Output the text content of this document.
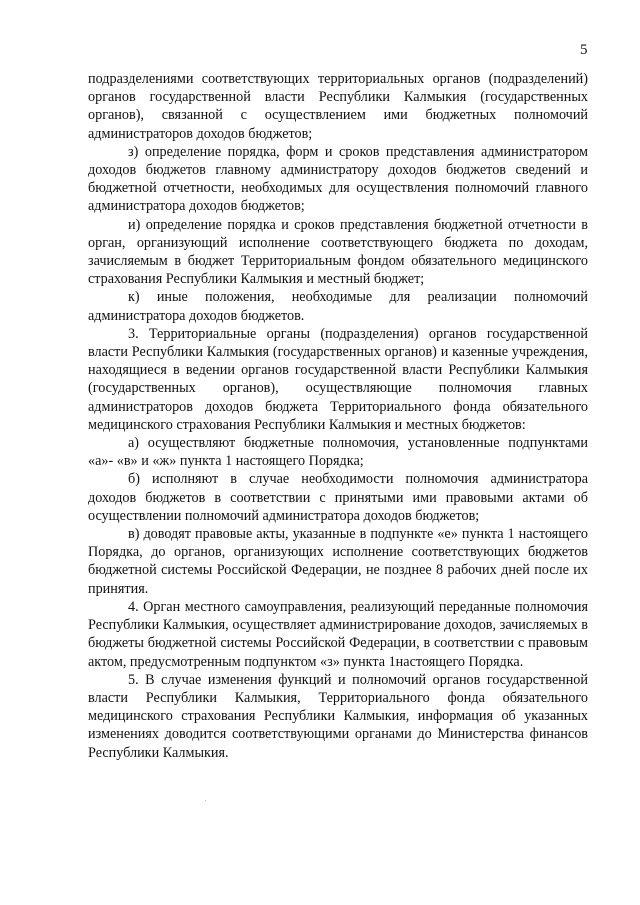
5

подразделениями соответствующих территориальных органов (подразделений) органов государственной власти Республики Калмыкия (государственных органов), связанной с осуществлением ими бюджетных полномочий администраторов доходов бюджетов;

з) определение порядка, форм и сроков представления администратором доходов бюджетов главному администратору доходов бюджетов сведений и бюджетной отчетности, необходимых для осуществления полномочий главного администратора доходов бюджетов;

и) определение порядка и сроков представления бюджетной отчетности в орган, организующий исполнение соответствующего бюджета по доходам, зачисляемым в бюджет Территориальным фондом обязательного медицинского страхования Республики Калмыкия и местный бюджет;

к) иные положения, необходимые для реализации полномочий администратора доходов бюджетов.

3. Территориальные органы (подразделения) органов государственной власти Республики Калмыкия (государственных органов) и казенные учреждения, находящиеся в ведении органов государственной власти Республики Калмыкия (государственных органов), осуществляющие полномочия главных администраторов доходов бюджета Территориального фонда обязательного медицинского страхования Республики Калмыкия и местных бюджетов:

а) осуществляют бюджетные полномочия, установленные подпунктами «а»- «в» и «ж» пункта 1 настоящего Порядка;

б) исполняют в случае необходимости полномочия администратора доходов бюджетов в соответствии с принятыми ими правовыми актами об осуществлении полномочий администратора доходов бюджетов;

в) доводят правовые акты, указанные в подпункте «е» пункта 1 настоящего Порядка, до органов, организующих исполнение соответствующих бюджетов бюджетной системы Российской Федерации, не позднее 8 рабочих дней после их принятия.

4. Орган местного самоуправления, реализующий переданные полномочия Республики Калмыкия, осуществляет администрирование доходов, зачисляемых в бюджеты бюджетной системы Российской Федерации, в соответствии с правовым актом, предусмотренным подпунктом «з» пункта 1настоящего Порядка.

5. В случае изменения функций и полномочий органов государственной власти Республики Калмыкия, Территориального фонда обязательного медицинского страхования Республики Калмыкия, информация об указанных изменениях доводится соответствующими органами до Министерства финансов Республики Калмыкия.
